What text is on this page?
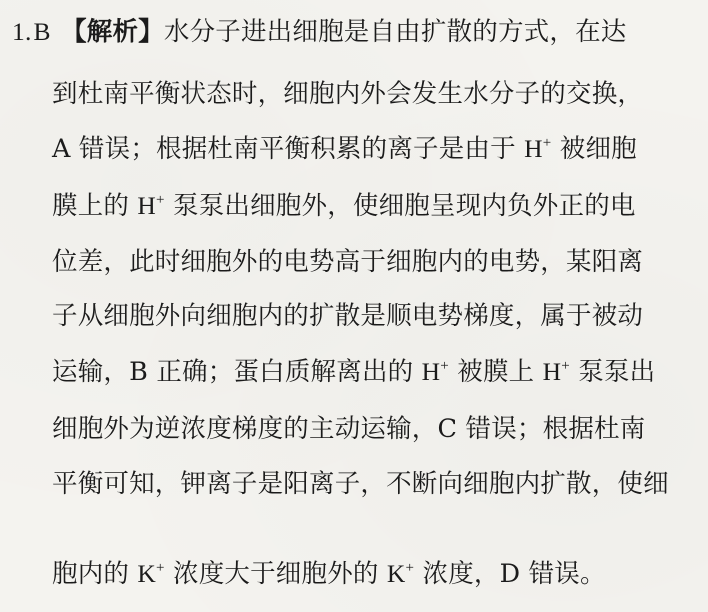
1.B 【解析】水分子进出细胞是自由扩散的方式，在达
到杜南平衡状态时，细胞内外会发生水分子的交换，
A 错误；根据杜南平衡积累的离子是由于 H+ 被细胞
膜上的 H+ 泵泵出细胞外，使细胞呈现内负外正的电
位差，此时细胞外的电势高于细胞内的电势，某阳离
子从细胞外向细胞内的扩散是顺电势梯度，属于被动
运输，B 正确；蛋白质解离出的 H+ 被膜上 H+ 泵泵出
细胞外为逆浓度梯度的主动运输，C 错误；根据杜南
平衡可知，钾离子是阳离子，不断向细胞内扩散，使细
胞内的 K+ 浓度大于细胞外的 K+ 浓度，D 错误。
